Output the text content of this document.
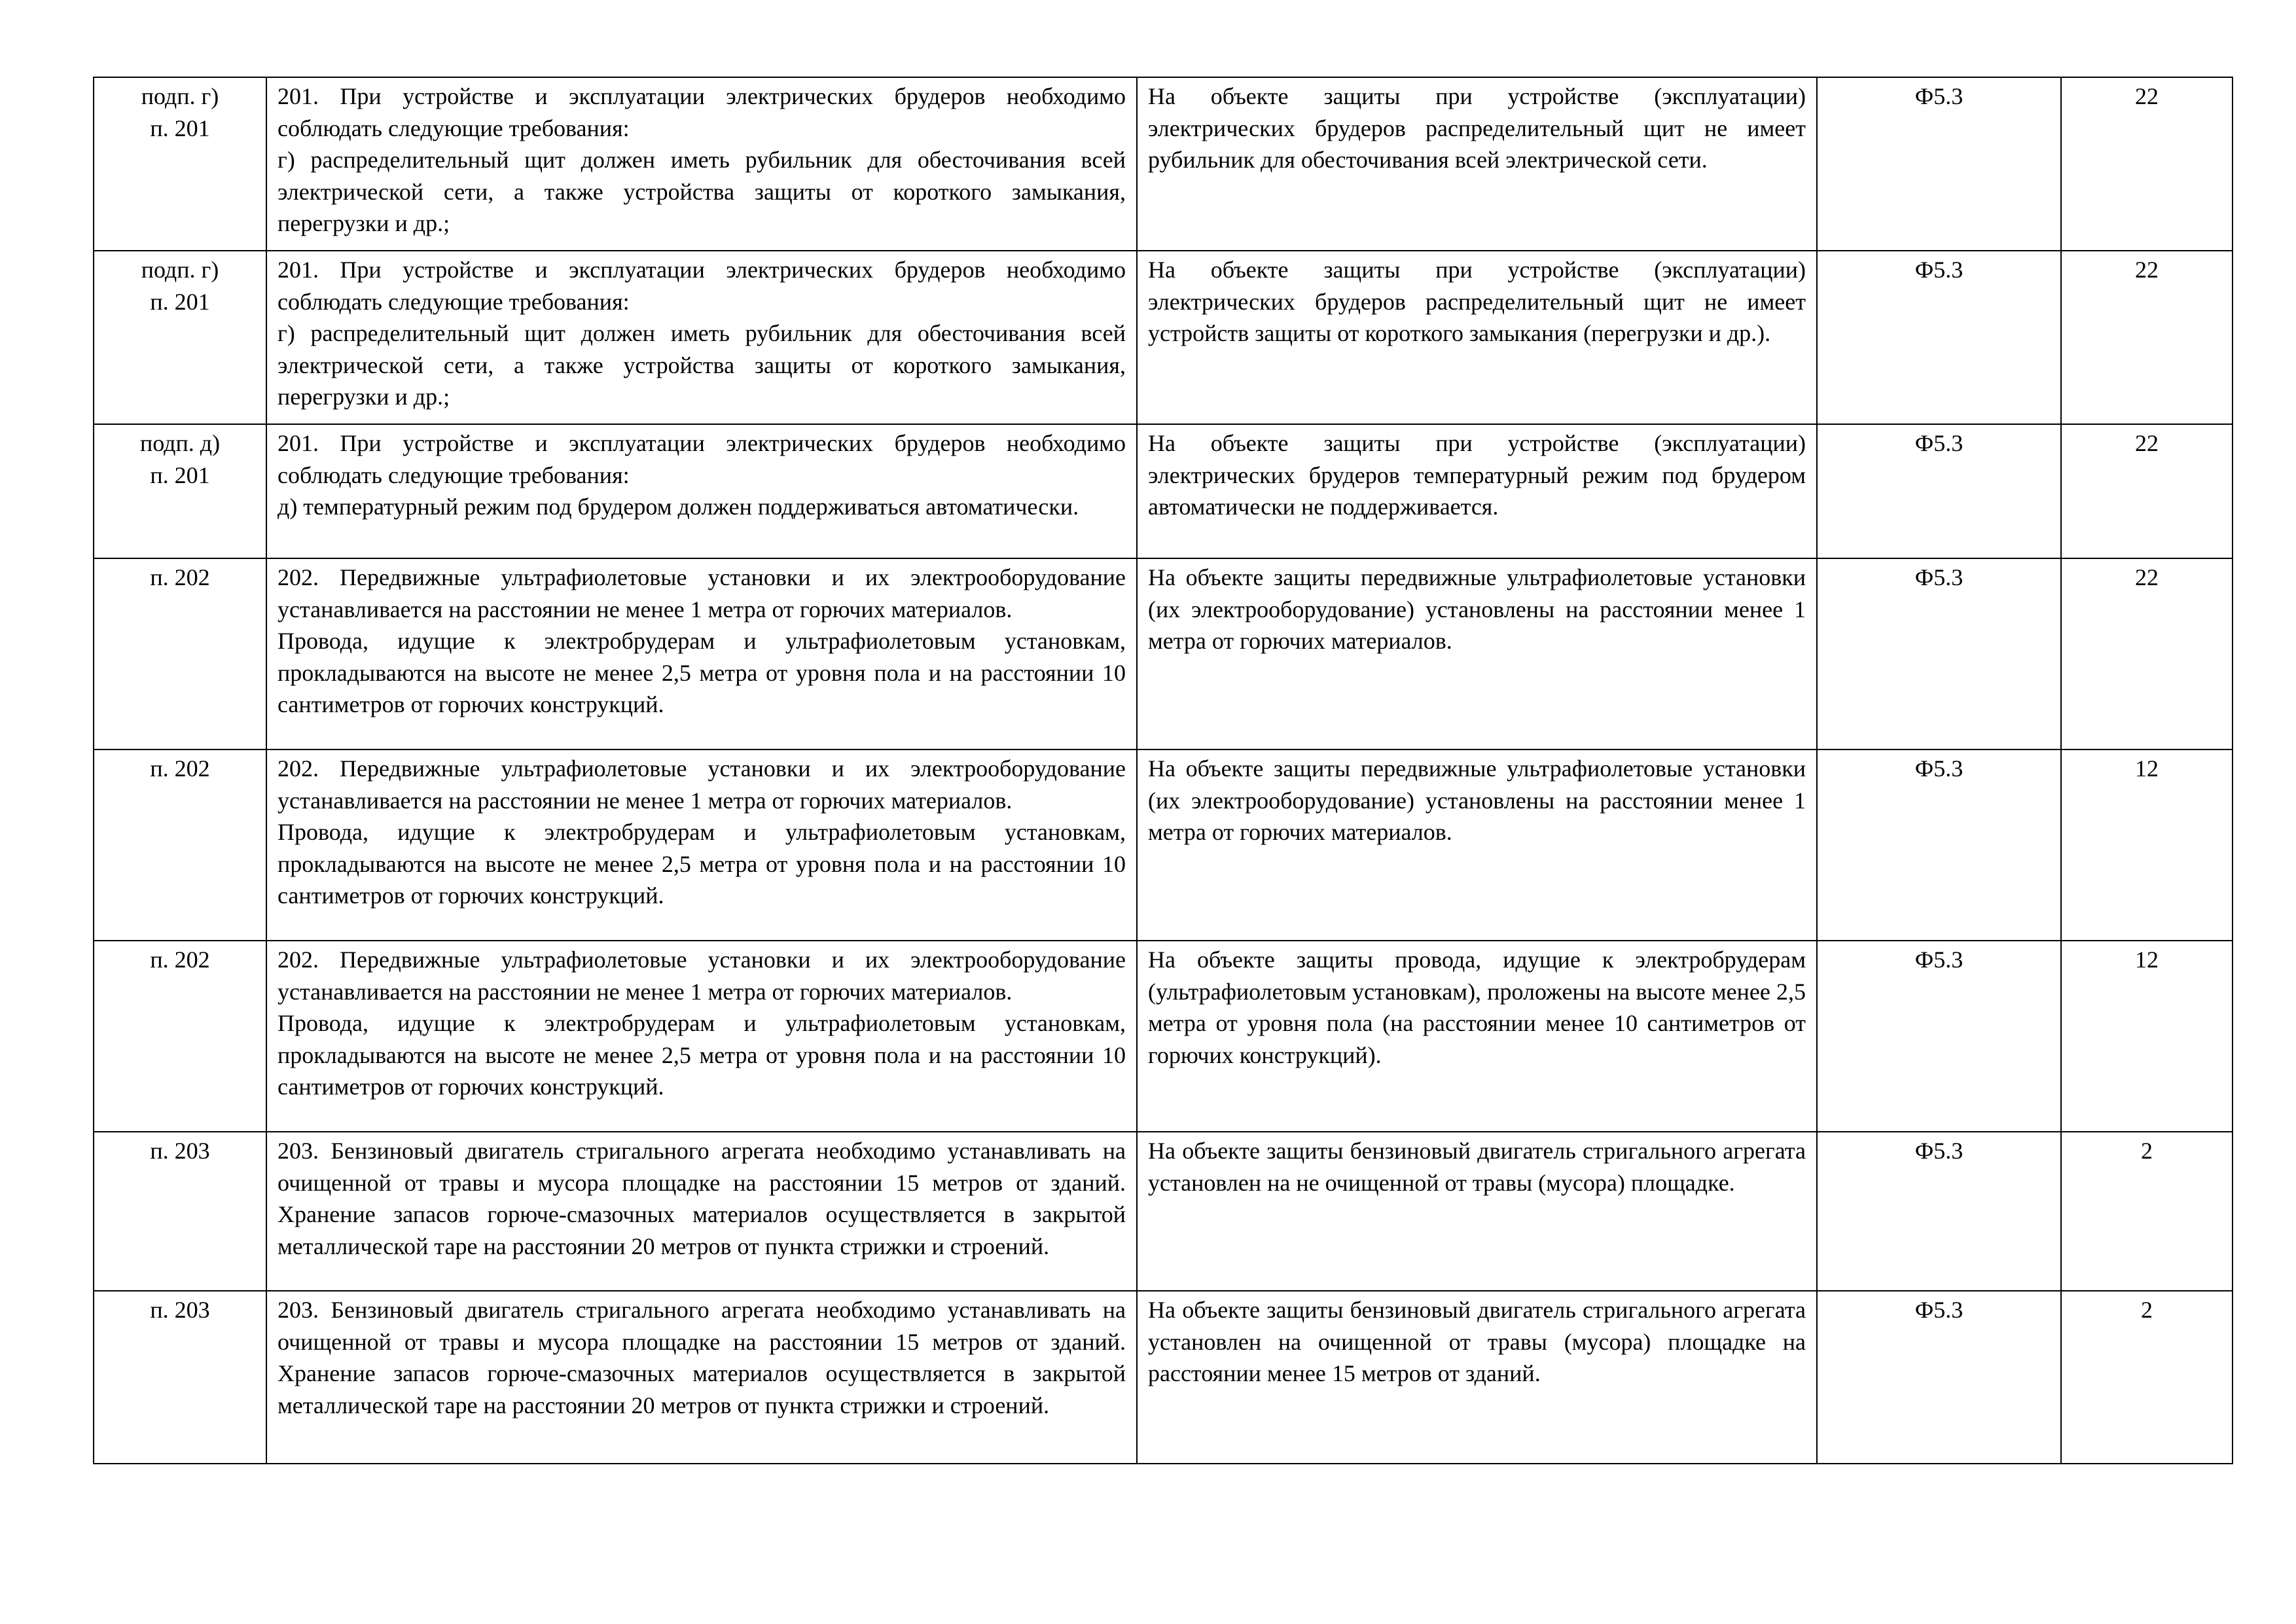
подп. г)
п. 201	201. При устройстве и эксплуатации электрических брудеров необходимо соблюдать следующие требования:
г) распределительный щит должен иметь рубильник для обесточивания всей электрической сети, а также устройства защиты от короткого замыкания, перегрузки и др.;	На объекте защиты при устройстве (эксплуатации) электрических брудеров распределительный щит не имеет рубильник для обесточивания всей электрической сети.	Ф5.3	22

подп. г)
п. 201	201. При устройстве и эксплуатации электрических брудеров необходимо соблюдать следующие требования:
г) распределительный щит должен иметь рубильник для обесточивания всей электрической сети, а также устройства защиты от короткого замыкания, перегрузки и др.;	На объекте защиты при устройстве (эксплуатации) электрических брудеров распределительный щит не имеет устройств защиты от короткого замыкания (перегрузки и др.).	Ф5.3	22

подп. д)
п. 201	201. При устройстве и эксплуатации электрических брудеров необходимо соблюдать следующие требования:
д) температурный режим под брудером должен поддерживаться автоматически.	На объекте защиты при устройстве (эксплуатации) электрических брудеров температурный режим под брудером автоматически не поддерживается.	Ф5.3	22

п. 202	202. Передвижные ультрафиолетовые установки и их электрооборудование устанавливается на расстоянии не менее 1 метра от горючих материалов.
Провода, идущие к электробрудерам и ультрафиолетовым установкам, прокладываются на высоте не менее 2,5 метра от уровня пола и на расстоянии 10 сантиметров от горючих конструкций.	На объекте защиты передвижные ультрафиолетовые установки (их электрооборудование) установлены на расстоянии менее 1 метра от горючих материалов.	Ф5.3	22

п. 202	202. Передвижные ультрафиолетовые установки и их электрооборудование устанавливается на расстоянии не менее 1 метра от горючих материалов.
Провода, идущие к электробрудерам и ультрафиолетовым установкам, прокладываются на высоте не менее 2,5 метра от уровня пола и на расстоянии 10 сантиметров от горючих конструкций.	На объекте защиты передвижные ультрафиолетовые установки (их электрооборудование) установлены на расстоянии менее 1 метра от горючих материалов.	Ф5.3	12

п. 202	202. Передвижные ультрафиолетовые установки и их электрооборудование устанавливается на расстоянии не менее 1 метра от горючих материалов.
Провода, идущие к электробрудерам и ультрафиолетовым установкам, прокладываются на высоте не менее 2,5 метра от уровня пола и на расстоянии 10 сантиметров от горючих конструкций.	На объекте защиты провода, идущие к электробрудерам (ультрафиолетовым установкам), проложены на высоте менее 2,5 метра от уровня пола (на расстоянии менее 10 сантиметров от горючих конструкций).	Ф5.3	12

п. 203	203. Бензиновый двигатель стригального агрегата необходимо устанавливать на очищенной от травы и мусора площадке на расстоянии 15 метров от зданий. Хранение запасов горюче-смазочных материалов осуществляется в закрытой металлической таре на расстоянии 20 метров от пункта стрижки и строений.	На объекте защиты бензиновый двигатель стригального агрегата установлен на не очищенной от травы (мусора) площадке.	Ф5.3	2

п. 203	203. Бензиновый двигатель стригального агрегата необходимо устанавливать на очищенной от травы и мусора площадке на расстоянии 15 метров от зданий. Хранение запасов горюче-смазочных материалов осуществляется в закрытой металлической таре на расстоянии 20 метров от пункта стрижки и строений.	На объекте защиты бензиновый двигатель стригального агрегата установлен на очищенной от травы (мусора) площадке на расстоянии менее 15 метров от зданий.	Ф5.3	2
